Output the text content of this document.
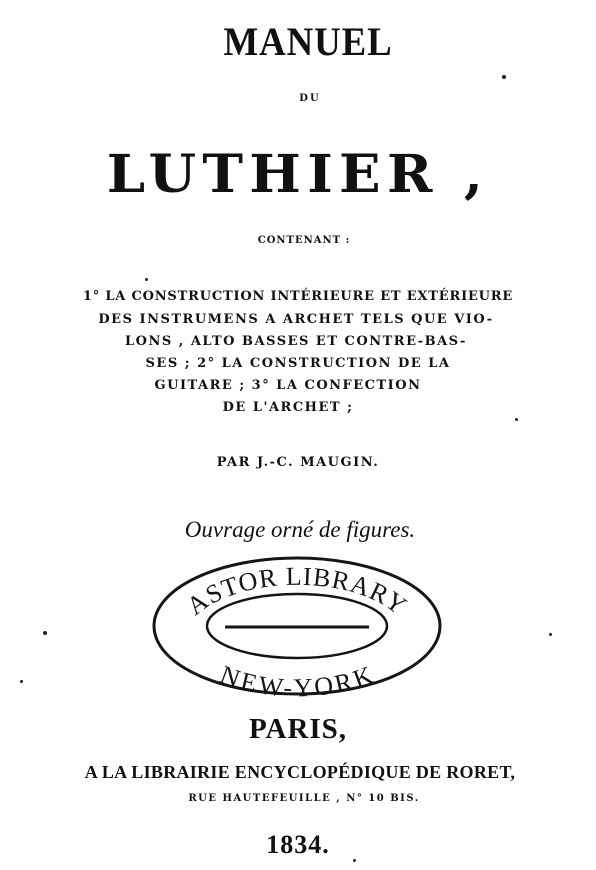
MANUEL
DU
LUTHIER ,
CONTENANT :
1° LA CONSTRUCTION INTÉRIEURE ET EXTÉRIEURE
DES INSTRUMENS A ARCHET TELS QUE VIO-
LONS , ALTO BASSES ET CONTRE-BAS-
SES ; 2° LA CONSTRUCTION DE LA
GUITARE ; 3° LA CONFECTION
DE L'ARCHET ;
PAR J.-C. MAUGIN.
Ouvrage orné de figures.
ASTOR LIBRARY
NEW-YORK
PARIS,
A LA LIBRAIRIE ENCYCLOPÉDIQUE DE RORET,
RUE HAUTEFEUILLE , N° 10 BIS.
1834.
